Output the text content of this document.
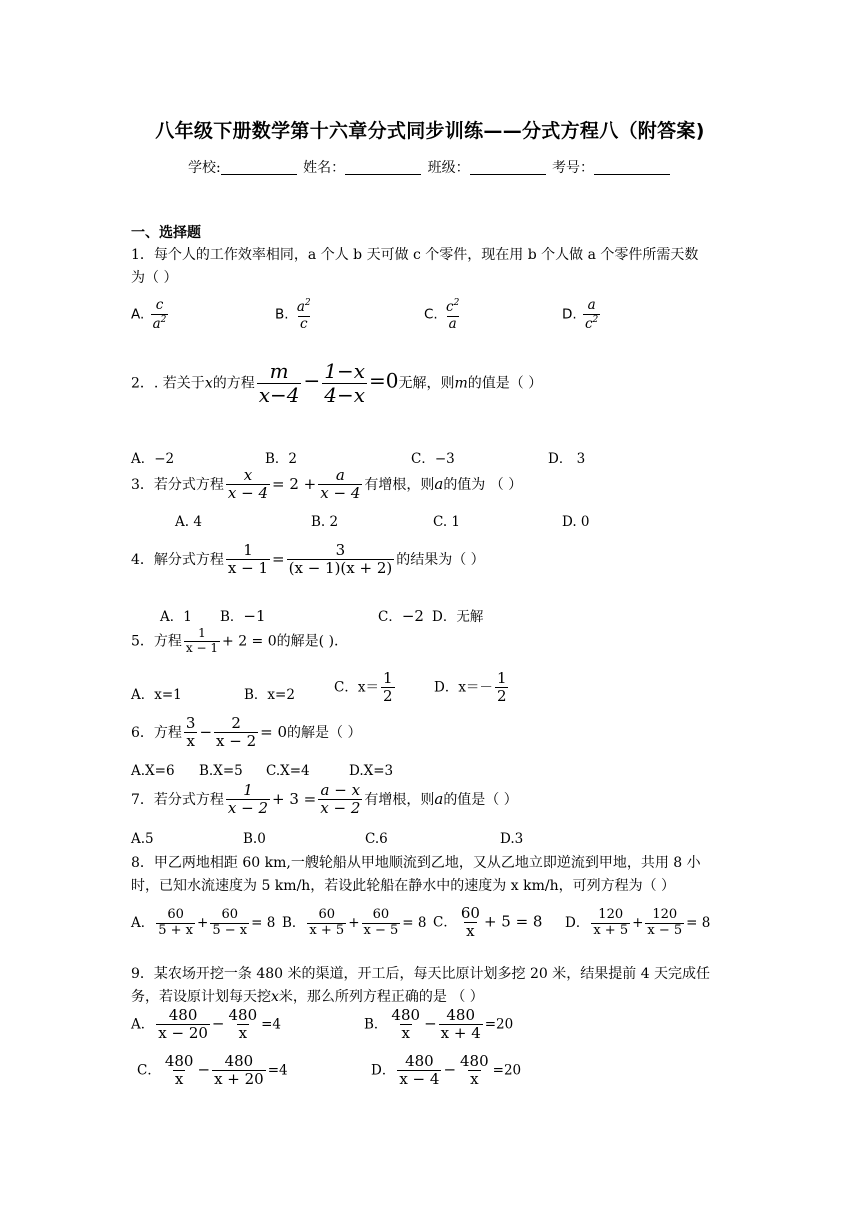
八年级下册数学第十六章分式同步训练——分式方程八（附答案)
学校:	姓名：	班级：	考号：
一、选择题
1．每个人的工作效率相同，a 个人 b 天可做 c 个零件，现在用 b 个人做 a 个零件所需天数
为（ ）
A. $\frac{c}{a^2}$	B. $\frac{a^2}{c}$	C. $\frac{c^2}{a}$	D. $\frac{a}{c^2}$
2．. 若关于x的方程 $\frac{m}{x-4} - \frac{1-x}{4-x} =0$无解，则m的值是（ ）
A．−2	B．2	C．−3	D． 3
3．若分式方程 $\frac{x}{x - 4} = 2 + \frac{a}{x - 4}$ 有增根，则a的值为 （ ）
A. 4	B. 2	C. 1	D. 0
4．解分式方程 $\frac{1}{x - 1} = \frac{3}{(x - 1)(x + 2)}$ 的结果为（ ）
A．1 B．−1	C．−2 D．无解
5．方程 $\frac{1}{x - 1} + 2 = 0$的解是( ).
A．x=1	B．x=2	C．$x= \frac{1}{2}$	D．$x=- \frac{1}{2}$
6．方程 $\frac{3}{x} - \frac{2}{x - 2} = 0$的解是（ ）
A.X=6 B.X=5 C.X=4	D.X=3
7．若分式方程 $\frac{1}{x - 2} + 3 = \frac{a - x}{x - 2}$ 有增根，则a的值是（ ）
A.5	B.0	C.6	D.3
8．甲乙两地相距 60 km,一艘轮船从甲地顺流到乙地，又从乙地立即逆流到甲地，共用 8 小
时，已知水流速度为 5 km/h，若设此轮船在静水中的速度为 x km/h，可列方程为（ ）
A． $\frac{60}{5 + x} + \frac{60}{5 - x} = 8$ B． $\frac{60}{x + 5} + \frac{60}{x - 5} = 8$ C． $\frac{60}{x} + 5 = 8$ D． $\frac{120}{x + 5} + \frac{120}{x - 5} = 8$
9．某农场开挖一条 480 米的渠道，开工后，每天比原计划多挖 20 米，结果提前 4 天完成任
务，若设原计划每天挖x米，那么所列方程正确的是 （ ）
A． $\frac{480}{x - 20} - \frac{480}{x} =4$	B． $\frac{480}{x} - \frac{480}{x + 4} =20$
C． $\frac{480}{x} - \frac{480}{x + 20} =4$	D． $\frac{480}{x - 4} - \frac{480}{x} =20$
